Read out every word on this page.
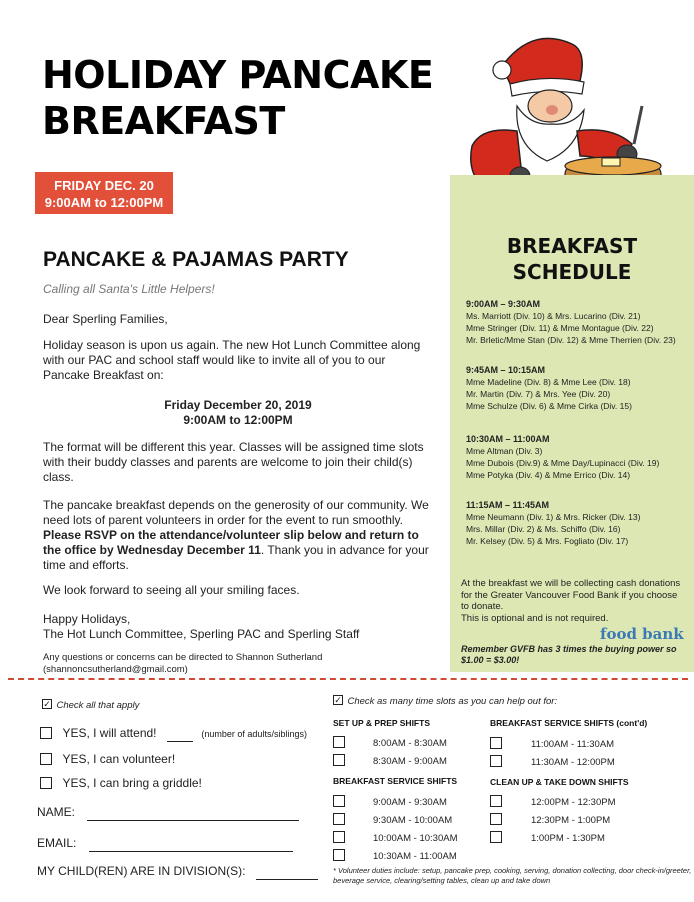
HOLIDAY PANCAKE BREAKFAST
FRIDAY DEC. 20
9:00AM to 12:00PM
PANCAKE & PAJAMAS PARTY
Calling all Santa's Little Helpers!
Dear Sperling Families,
Holiday season is upon us again. The new Hot Lunch Committee along with our PAC and school staff would like to invite all of you to our Pancake Breakfast on:
Friday December 20, 2019
9:00AM to 12:00PM
The format will be different this year. Classes will be assigned time slots with their buddy classes and parents are welcome to join their child(s) class.
The pancake breakfast depends on the generosity of our community. We need lots of parent volunteers in order for the event to run smoothly. Please RSVP on the attendance/volunteer slip below and return to the office by Wednesday December 11. Thank you in advance for your time and efforts.
We look forward to seeing all your smiling faces.
Happy Holidays,
The Hot Lunch Committee, Sperling PAC and Sperling Staff
Any questions or concerns can be directed to Shannon Sutherland
(shannoncsutherland@gmail.com)
BREAKFAST
SCHEDULE
9:00AM – 9:30AM
Ms. Marriott (Div. 10) & Mrs. Lucarino (Div. 21)
Mme Stringer (Div. 11) & Mme Montague (Div. 22)
Mr. Brletic/Mme Stan (Div. 12) & Mme Therrien (Div. 23)
9:45AM – 10:15AM
Mme Madeline (Div. 8) & Mme Lee (Div. 18)
Mr. Martin (Div. 7) & Mrs. Yee (Div. 20)
Mme Schulze (Div. 6) & Mme Cirka (Div. 15)
10:30AM – 11:00AM
Mme Altman (Div. 3)
Mme Dubois (Div.9) & Mme Day/Lupinacci (Div. 19)
Mme Potyka (Div. 4) & Mme Errico (Div. 14)
11:15AM – 11:45AM
Mme Neumann (Div. 1) & Mrs. Ricker (Div. 13)
Mrs. Millar (Div. 2) & Ms. Schiffo (Div. 16)
Mr. Kelsey (Div. 5) & Mrs. Fogliato (Div. 17)
At the breakfast we will be collecting cash donations for the Greater Vancouver Food Bank if you choose to donate.
This is optional and is not required.
food bank
Remember GVFB has 3 times the buying power so $1.00 = $3.00!
✓ Check all that apply
YES, I will attend!	(number of adults/siblings)
YES, I can volunteer!
YES, I can bring a griddle!
NAME:
EMAIL:
MY CHILD(REN) ARE IN DIVISION(S):
✓ Check as many time slots as you can help out for:
SET UP & PREP SHIFTS
8:00AM - 8:30AM
8:30AM - 9:00AM
BREAKFAST SERVICE SHIFTS
9:00AM - 9:30AM
9:30AM - 10:00AM
10:00AM - 10:30AM
10:30AM - 11:00AM
BREAKFAST SERVICE SHIFTS (cont'd)
11:00AM - 11:30AM
11:30AM - 12:00PM
CLEAN UP & TAKE DOWN SHIFTS
12:00PM - 12:30PM
12:30PM - 1:00PM
1:00PM - 1:30PM
* Volunteer duties include: setup, pancake prep, cooking, serving, donation collecting, door check-in/greeter, beverage service, clearing/setting tables, clean up and take down
